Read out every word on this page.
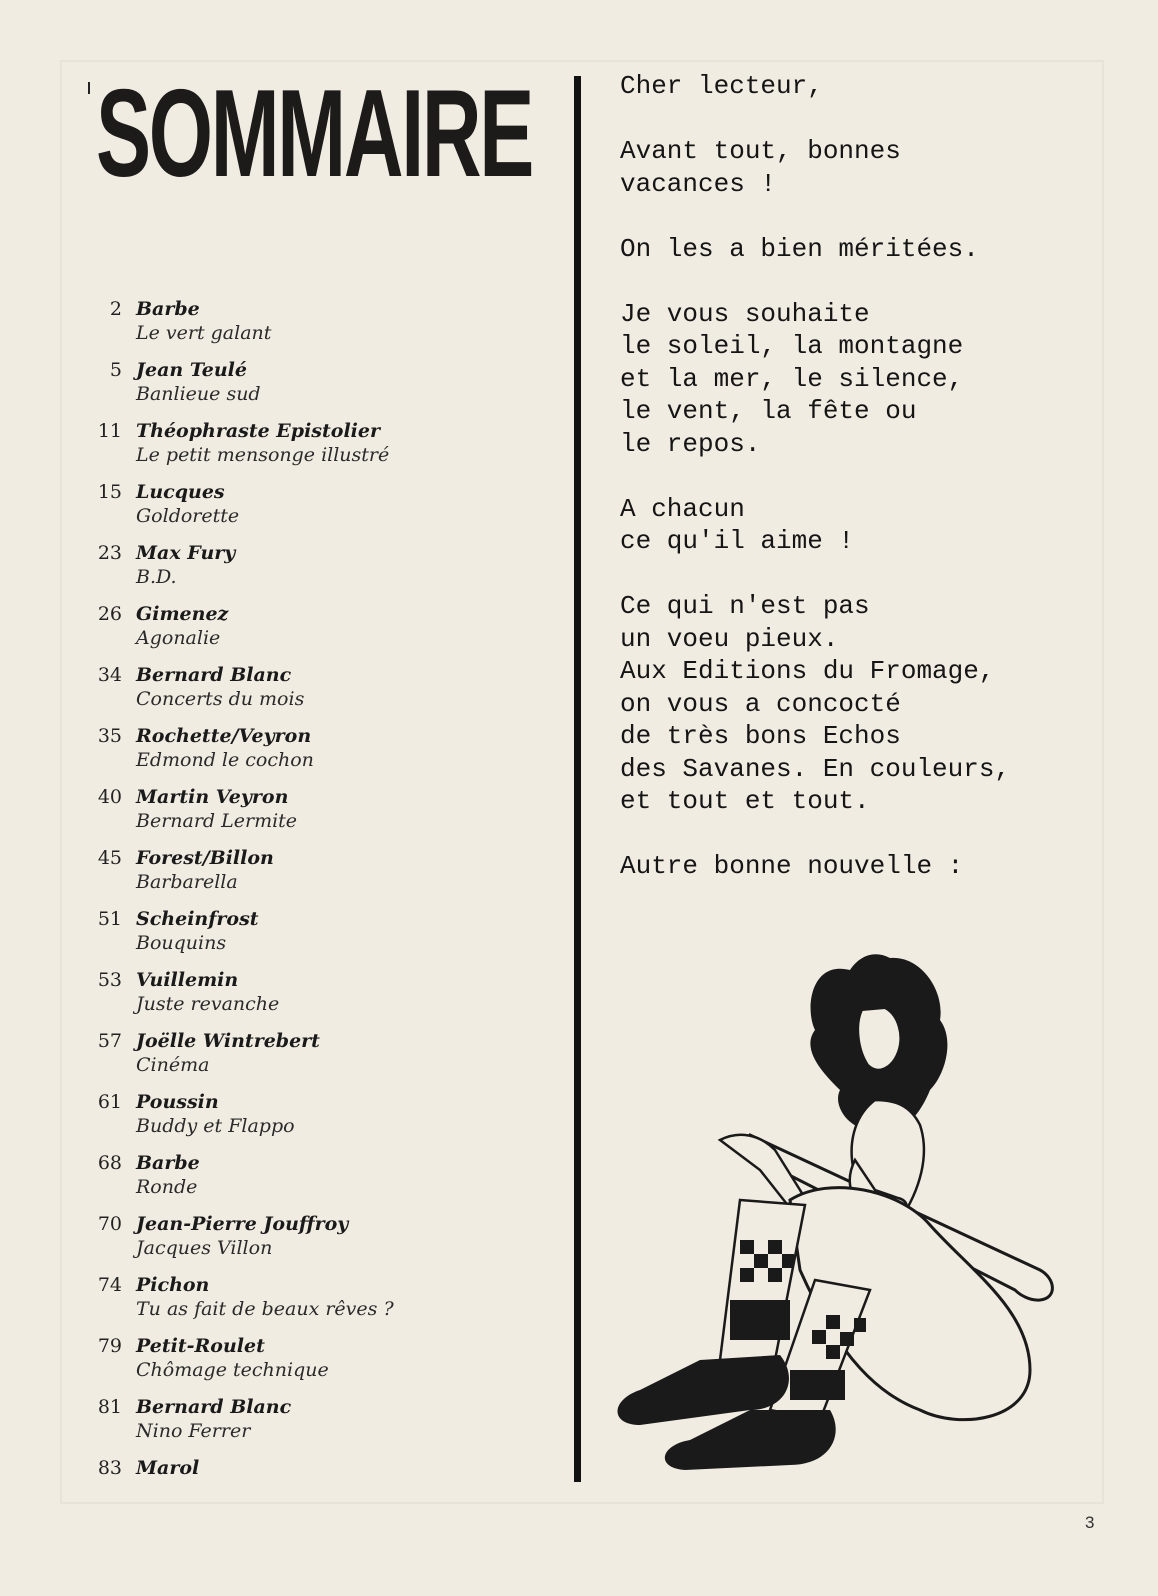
SOMMAIRE
2 Barbe
Le vert galant
5 Jean Teulé
Banlieue sud
11 Théophraste Epistolier
Le petit mensonge illustré
15 Lucques
Goldorette
23 Max Fury
B.D.
26 Gimenez
Agonalie
34 Bernard Blanc
Concerts du mois
35 Rochette/Veyron
Edmond le cochon
40 Martin Veyron
Bernard Lermite
45 Forest/Billon
Barbarella
51 Scheinfrost
Bouquins
53 Vuillemin
Juste revanche
57 Joëlle Wintrebert
Cinéma
61 Poussin
Buddy et Flappo
68 Barbe
Ronde
70 Jean-Pierre Jouffroy
Jacques Villon
74 Pichon
Tu as fait de beaux rêves ?
79 Petit-Roulet
Chômage technique
81 Bernard Blanc
Nino Ferrer
83 Marol

Cher lecteur,

Avant tout, bonnes
vacances !

On les a bien méritées.

Je vous souhaite
le soleil, la montagne
et la mer, le silence,
le vent, la fête ou
le repos.

A chacun
ce qu'il aime !

Ce qui n'est pas
un voeu pieux.
Aux Editions du Fromage,
on vous a concocté
de très bons Echos
des Savanes. En couleurs,
et tout et tout.

Autre bonne nouvelle :

3
